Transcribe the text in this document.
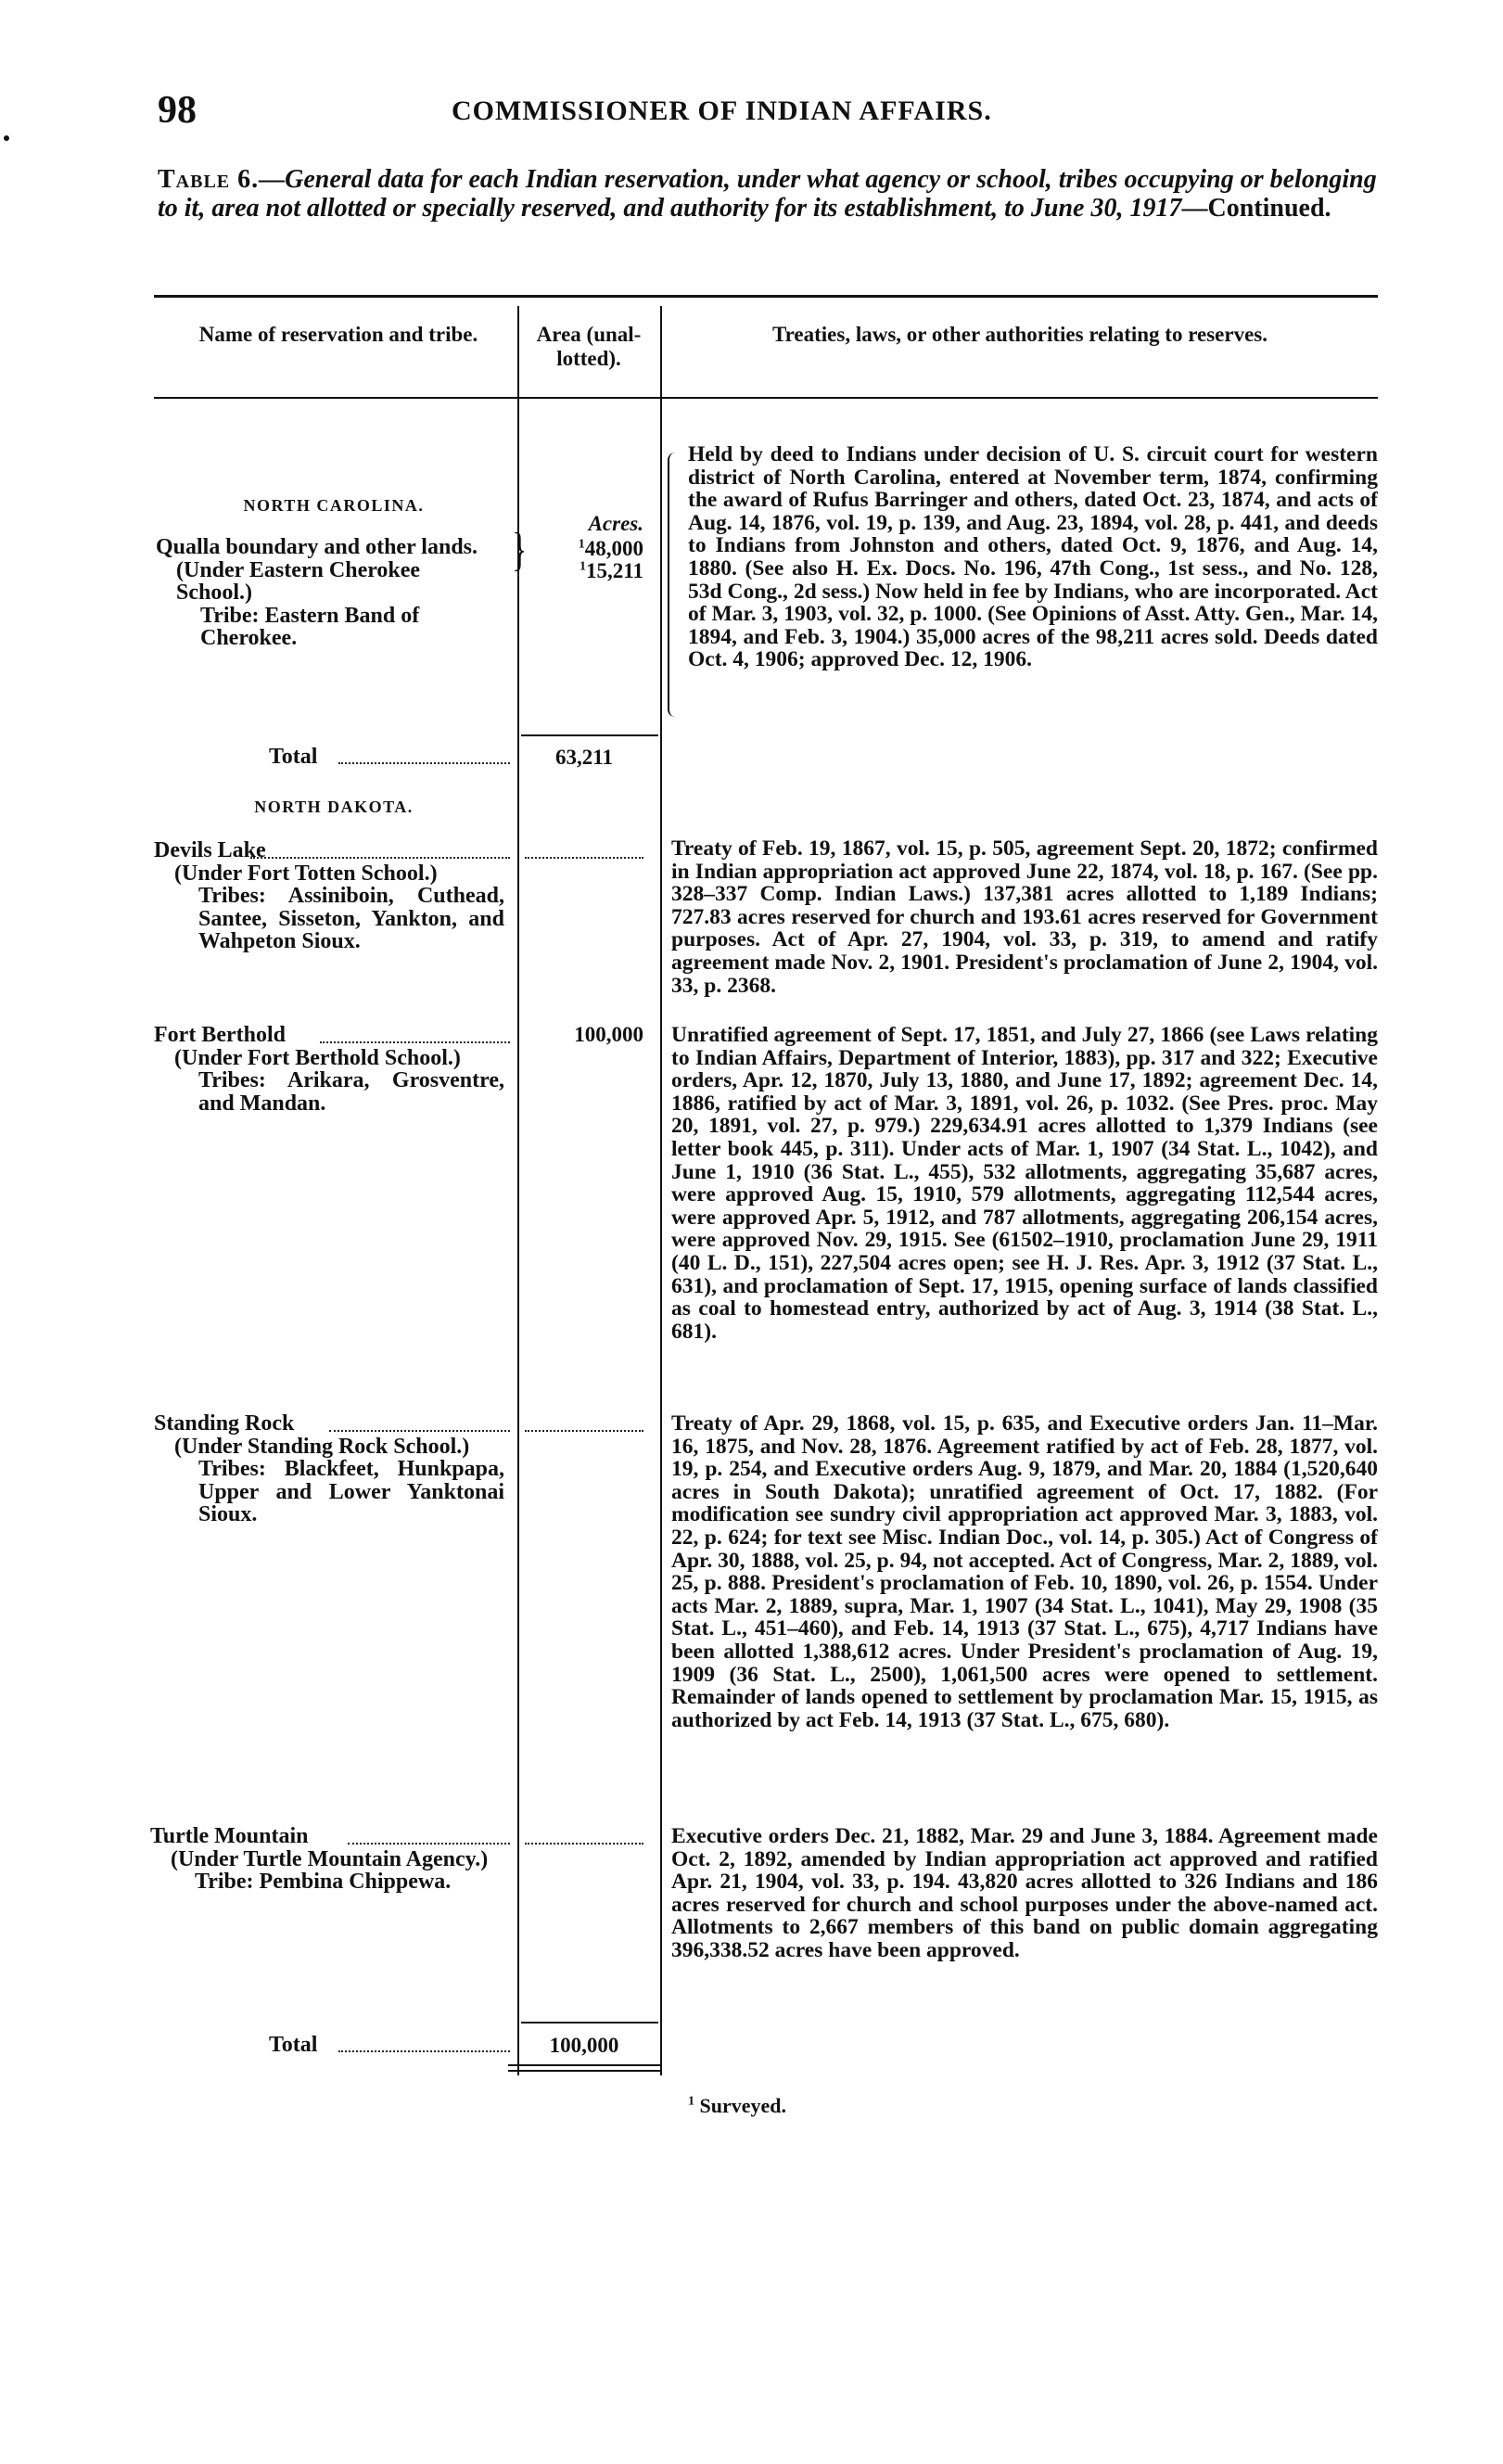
98	COMMISSIONER OF INDIAN AFFAIRS.
Table 6.—General data for each Indian reservation, under what agency or school, tribes occupying or belonging to it, area not allotted or specially reserved, and authority for its establishment, to June 30, 1917—Continued.
Name of reservation and tribe.	Area (unal-lotted).
Treaties, laws, or other authorities relating to reserves.
NORTH CAROLINA.
Qualla boundary and other lands.
(Under Eastern Cherokee School.)
Tribe: Eastern Band of Cherokee.
}
Acres.
$^1$48,000
$^1$15,211
Held by deed to Indians under decision of U. S. circuit court for western district of North Carolina, entered at November term, 1874, confirming the award of Rufus Barringer and others, dated Oct. 23, 1874, and acts of Aug. 14, 1876, vol. 19, p. 139, and Aug. 23, 1894, vol. 28, p. 441, and deeds to Indians from Johnston and others, dated Oct. 9, 1876, and Aug. 14, 1880. (See also H. Ex. Docs. No. 196, 47th Cong., 1st sess., and No. 128, 53d Cong., 2d sess.) Now held in fee by Indians, who are incorporated. Act of Mar. 3, 1903, vol. 32, p. 1000. (See Opinions of Asst. Atty. Gen., Mar. 14, 1894, and Feb. 3, 1904.) 35,000 acres of the 98,211 acres sold. Deeds dated Oct. 4, 1906; approved Dec. 12, 1906.
Total	63,211
NORTH DAKOTA.
Devils Lake
(Under Fort Totten School.)
Tribes: Assiniboin, Cuthead, Santee, Sisseton, Yankton, and Wahpeton Sioux.
Treaty of Feb. 19, 1867, vol. 15, p. 505, agreement Sept. 20, 1872; confirmed in Indian appropriation act approved June 22, 1874, vol. 18, p. 167. (See pp. 328–337 Comp. Indian Laws.) 137,381 acres allotted to 1,189 Indians; 727.83 acres reserved for church and 193.61 acres reserved for Government purposes. Act of Apr. 27, 1904, vol. 33, p. 319, to amend and ratify agreement made Nov. 2, 1901. President's proclamation of June 2, 1904, vol. 33, p. 2368.
Fort Berthold
(Under Fort Berthold School.)
Tribes: Arikara, Grosventre, and Mandan.
100,000 Unratified agreement of Sept. 17, 1851, and July 27, 1866 (see Laws relating to Indian Affairs, Department of Interior, 1883), pp. 317 and 322; Executive orders, Apr. 12, 1870, July 13, 1880, and June 17, 1892; agreement Dec. 14, 1886, ratified by act of Mar. 3, 1891, vol. 26, p. 1032. (See Pres. proc. May 20, 1891, vol. 27, p. 979.) 229,634.91 acres allotted to 1,379 Indians (see letter book 445, p. 311). Under acts of Mar. 1, 1907 (34 Stat. L., 1042), and June 1, 1910 (36 Stat. L., 455), 532 allotments, aggregating 35,687 acres, were approved Aug. 15, 1910, 579 allotments, aggregating 112,544 acres, were approved Apr. 5, 1912, and 787 allotments, aggregating 206,154 acres, were approved Nov. 29, 1915. See (61502–1910, proclamation June 29, 1911 (40 L. D., 151), 227,504 acres open; see H. J. Res. Apr. 3, 1912 (37 Stat. L., 631), and proclamation of Sept. 17, 1915, opening surface of lands classified as coal to homestead entry, authorized by act of Aug. 3, 1914 (38 Stat. L., 681).
Standing Rock
(Under Standing Rock School.)
Tribes: Blackfeet, Hunkpapa, Upper and Lower Yanktonai Sioux.
Treaty of Apr. 29, 1868, vol. 15, p. 635, and Executive orders Jan. 11–Mar. 16, 1875, and Nov. 28, 1876. Agreement ratified by act of Feb. 28, 1877, vol. 19, p. 254, and Executive orders Aug. 9, 1879, and Mar. 20, 1884 (1,520,640 acres in South Dakota); unratified agreement of Oct. 17, 1882. (For modification see sundry civil appropriation act approved Mar. 3, 1883, vol. 22, p. 624; for text see Misc. Indian Doc., vol. 14, p. 305.) Act of Congress of Apr. 30, 1888, vol. 25, p. 94, not accepted. Act of Congress, Mar. 2, 1889, vol. 25, p. 888. President's proclamation of Feb. 10, 1890, vol. 26, p. 1554. Under acts Mar. 2, 1889, supra, Mar. 1, 1907 (34 Stat. L., 1041), May 29, 1908 (35 Stat. L., 451–460), and Feb. 14, 1913 (37 Stat. L., 675), 4,717 Indians have been allotted 1,388,612 acres. Under President's proclamation of Aug. 19, 1909 (36 Stat. L., 2500), 1,061,500 acres were opened to settlement. Remainder of lands opened to settlement by proclamation Mar. 15, 1915, as authorized by act Feb. 14, 1913 (37 Stat. L., 675, 680).
Turtle Mountain
(Under Turtle Mountain Agency.)
Tribe: Pembina Chippewa.
Executive orders Dec. 21, 1882, Mar. 29 and June 3, 1884. Agreement made Oct. 2, 1892, amended by Indian appropriation act approved and ratified Apr. 21, 1904, vol. 33, p. 194. 43,820 acres allotted to 326 Indians and 186 acres reserved for church and school purposes under the above-named act. Allotments to 2,667 members of this band on public domain aggregating 396,338.52 acres have been approved.
Total	100,000
$^1$ Surveyed.
